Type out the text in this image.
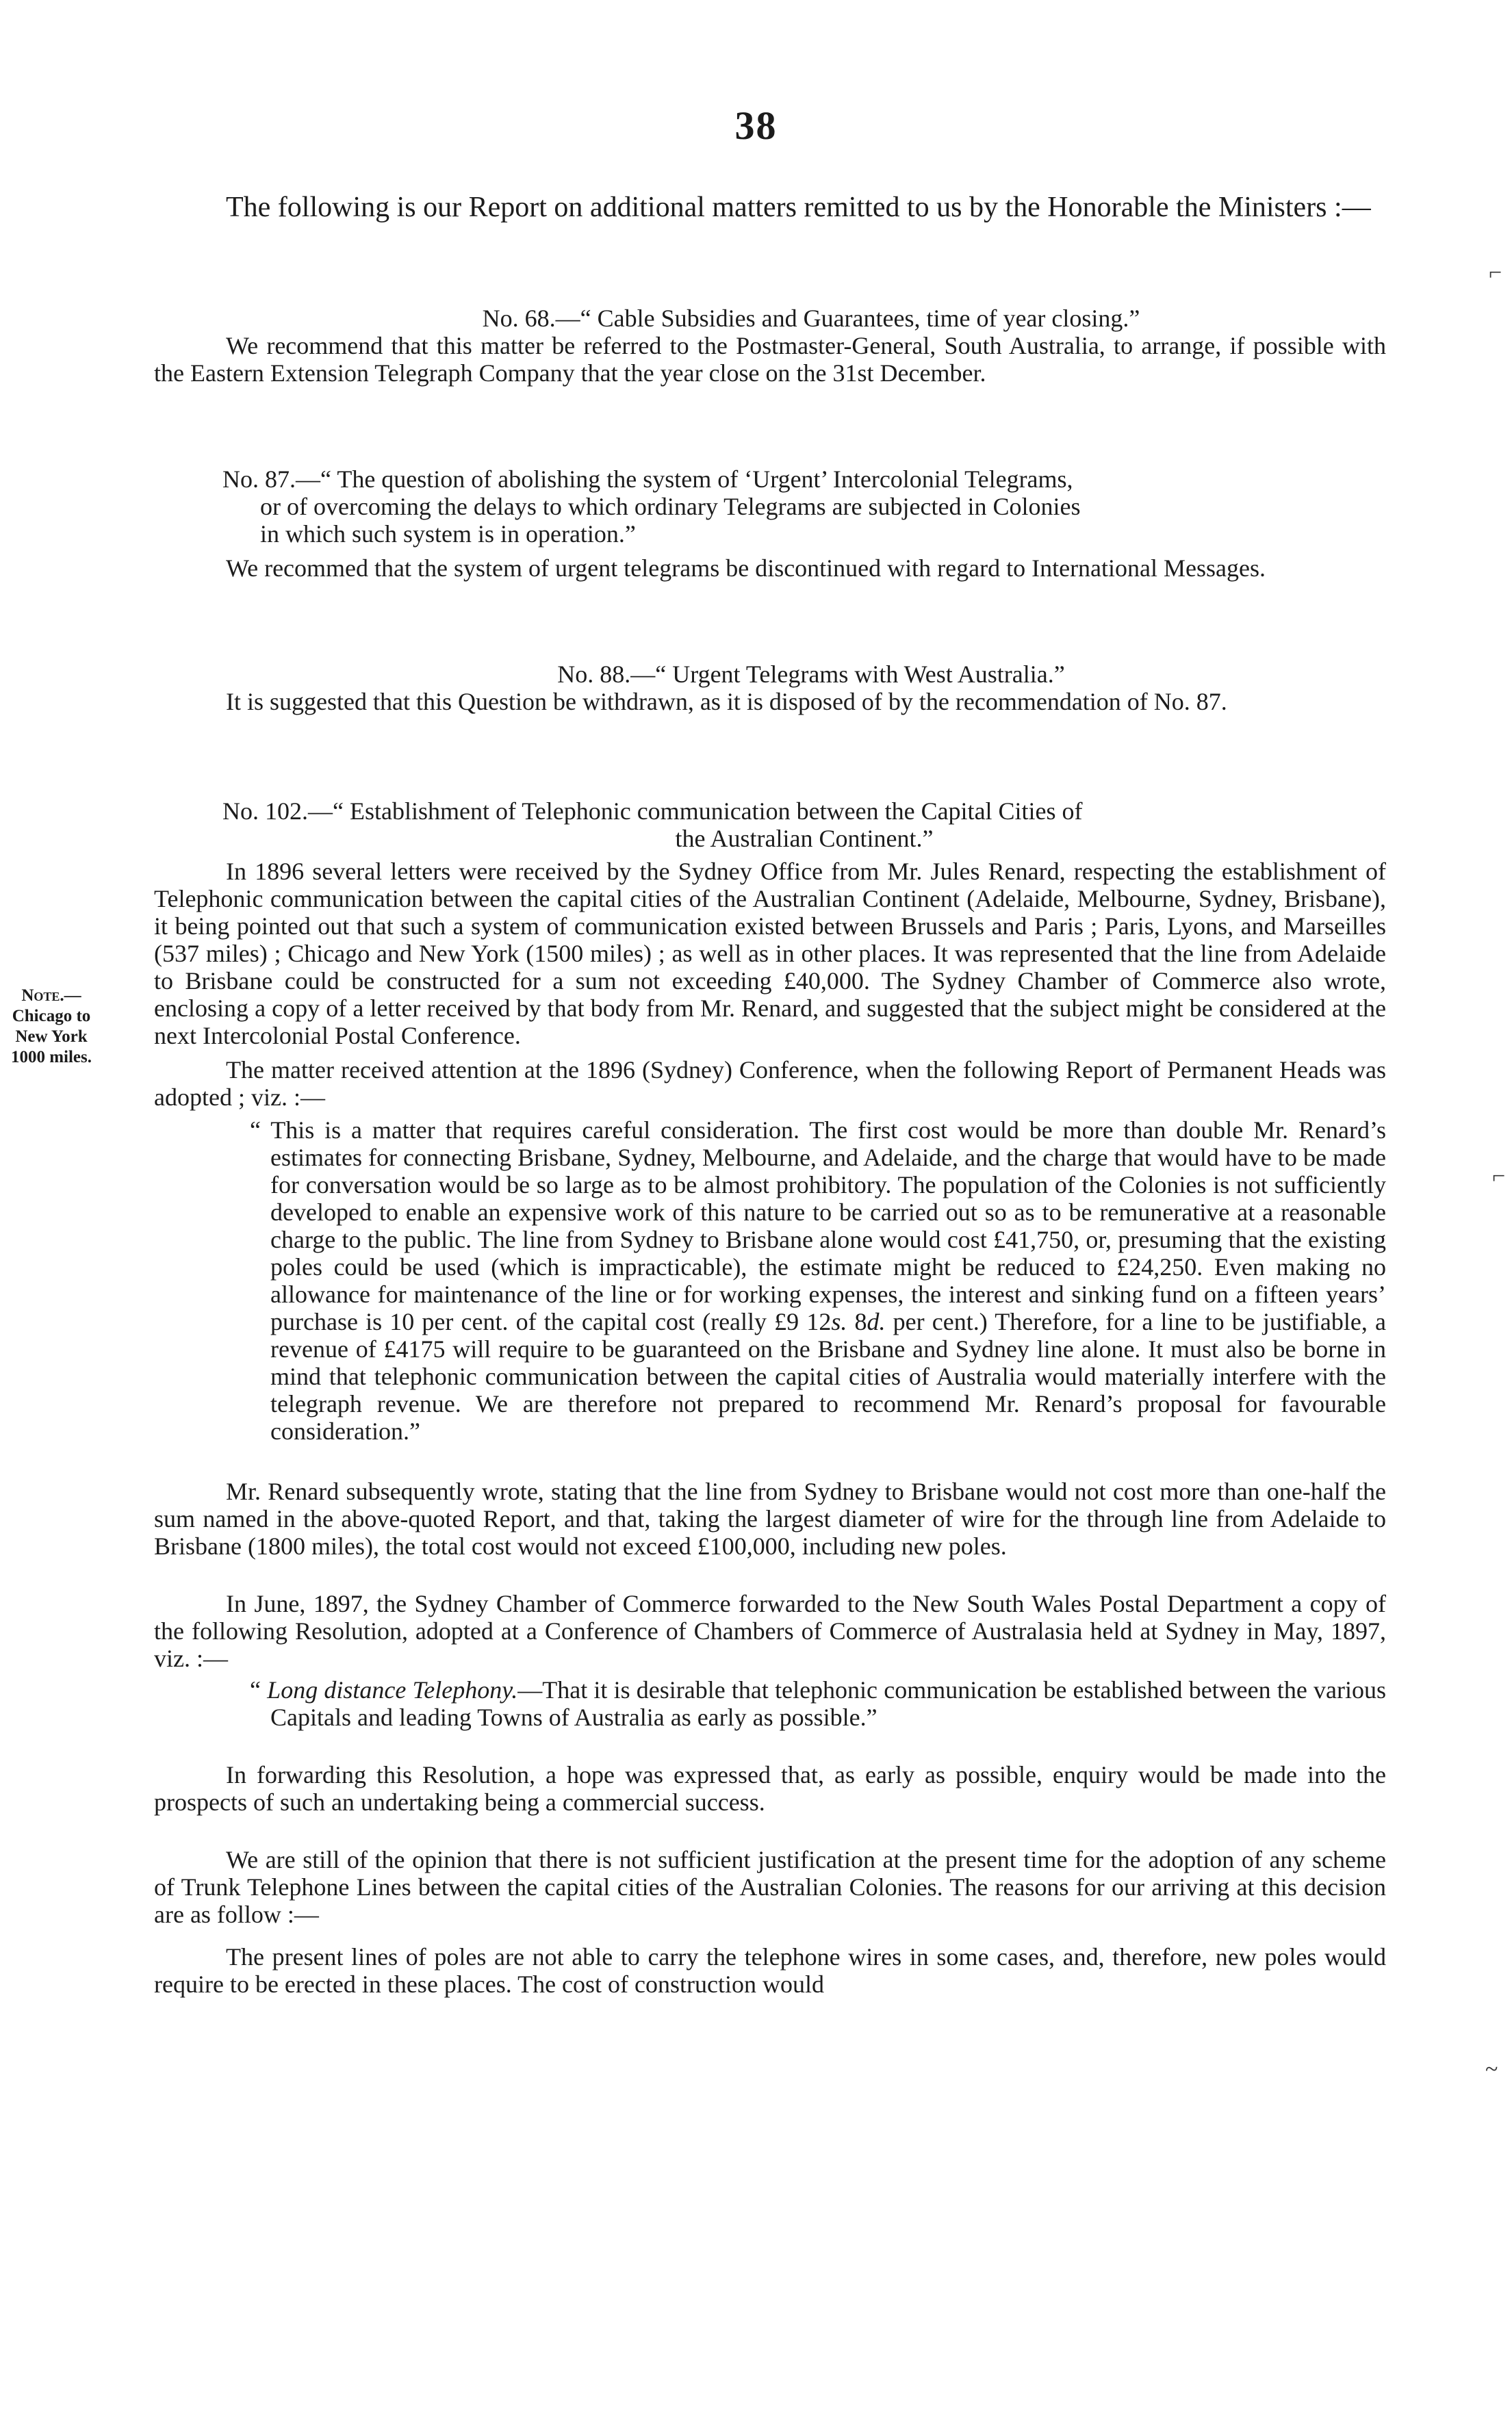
38
The following is our Report on additional matters remitted to us by the Honorable the Ministers :—

No. 68.—“ Cable Subsidies and Guarantees, time of year closing.”

We recommend that this matter be referred to the Postmaster-General, South Australia, to arrange, if possible with the Eastern Extension Telegraph Company that the year close on the 31st December.

No. 87.—“ The question of abolishing the system of ‘Urgent’ Intercolonial Telegrams,

or of overcoming the delays to which ordinary Telegrams are subjected in Colonies

in which such system is in operation.”

We recommed that the system of urgent telegrams be discontinued with regard to International Messages.

No. 88.—“ Urgent Telegrams with West Australia.”

It is suggested that this Question be withdrawn, as it is disposed of by the recommendation of No. 87.

No. 102.—“ Establishment of Telephonic communication between the Capital Cities of

the Australian Continent.”

In 1896 several letters were received by the Sydney Office from Mr. Jules Renard, respecting the establishment of Telephonic communication between the capital cities of the Australian Continent (Adelaide, Melbourne, Sydney, Brisbane), it being pointed out that such a system of communication existed between Brussels and Paris ; Paris, Lyons, and Marseilles (537 miles) ; Chicago and New York (1500 miles) ; as well as in other places. It was represented that the line from Adelaide to Brisbane could be constructed for a sum not exceeding £40,000. The Sydney Chamber of Commerce also wrote, enclosing a copy of a letter received by that body from Mr. Renard, and suggested that the subject might be considered at the next Intercolonial Postal Conference.

The matter received attention at the 1896 (Sydney) Conference, when the following Report of Permanent Heads was adopted ; viz. :—

“ This is a matter that requires careful consideration. The first cost would be more than double Mr. Renard’s estimates for connecting Brisbane, Sydney, Melbourne, and Adelaide, and the charge that would have to be made for conversation would be so large as to be almost prohibitory. The population of the Colonies is not sufficiently developed to enable an expensive work of this nature to be carried out so as to be remunerative at a reasonable charge to the public. The line from Sydney to Brisbane alone would cost £41,750, or, presuming that the existing poles could be used (which is impracticable), the estimate might be reduced to £24,250. Even making no allowance for maintenance of the line or for working expenses, the interest and sinking fund on a fifteen years’ purchase is 10 per cent. of the capital cost (really £9 12s. 8d. per cent.) Therefore, for a line to be justifiable, a revenue of £4175 will require to be guaranteed on the Brisbane and Sydney line alone. It must also be borne in mind that telephonic communication between the capital cities of Australia would materially interfere with the telegraph revenue. We are therefore not prepared to recommend Mr. Renard’s proposal for favourable consideration.”

Mr. Renard subsequently wrote, stating that the line from Sydney to Brisbane would not cost more than one-half the sum named in the above-quoted Report, and that, taking the largest diameter of wire for the through line from Adelaide to Brisbane (1800 miles), the total cost would not exceed £100,000, including new poles.

In June, 1897, the Sydney Chamber of Commerce forwarded to the New South Wales Postal Department a copy of the following Resolution, adopted at a Conference of Chambers of Commerce of Australasia held at Sydney in May, 1897, viz. :—

“ Long distance Telephony.—That it is desirable that telephonic communication be established between the various Capitals and leading Towns of Australia as early as possible.”

In forwarding this Resolution, a hope was expressed that, as early as possible, enquiry would be made into the prospects of such an undertaking being a commercial success.

We are still of the opinion that there is not sufficient justification at the present time for the adoption of any scheme of Trunk Telephone Lines between the capital cities of the Australian Colonies. The reasons for our arriving at this decision are as follow :—

The present lines of poles are not able to carry the telephone wires in some cases, and, therefore, new poles would require to be erected in these places. The cost of construction would

Note.—
Chicago to
New York
1000 miles.
⌐
⌐
~
